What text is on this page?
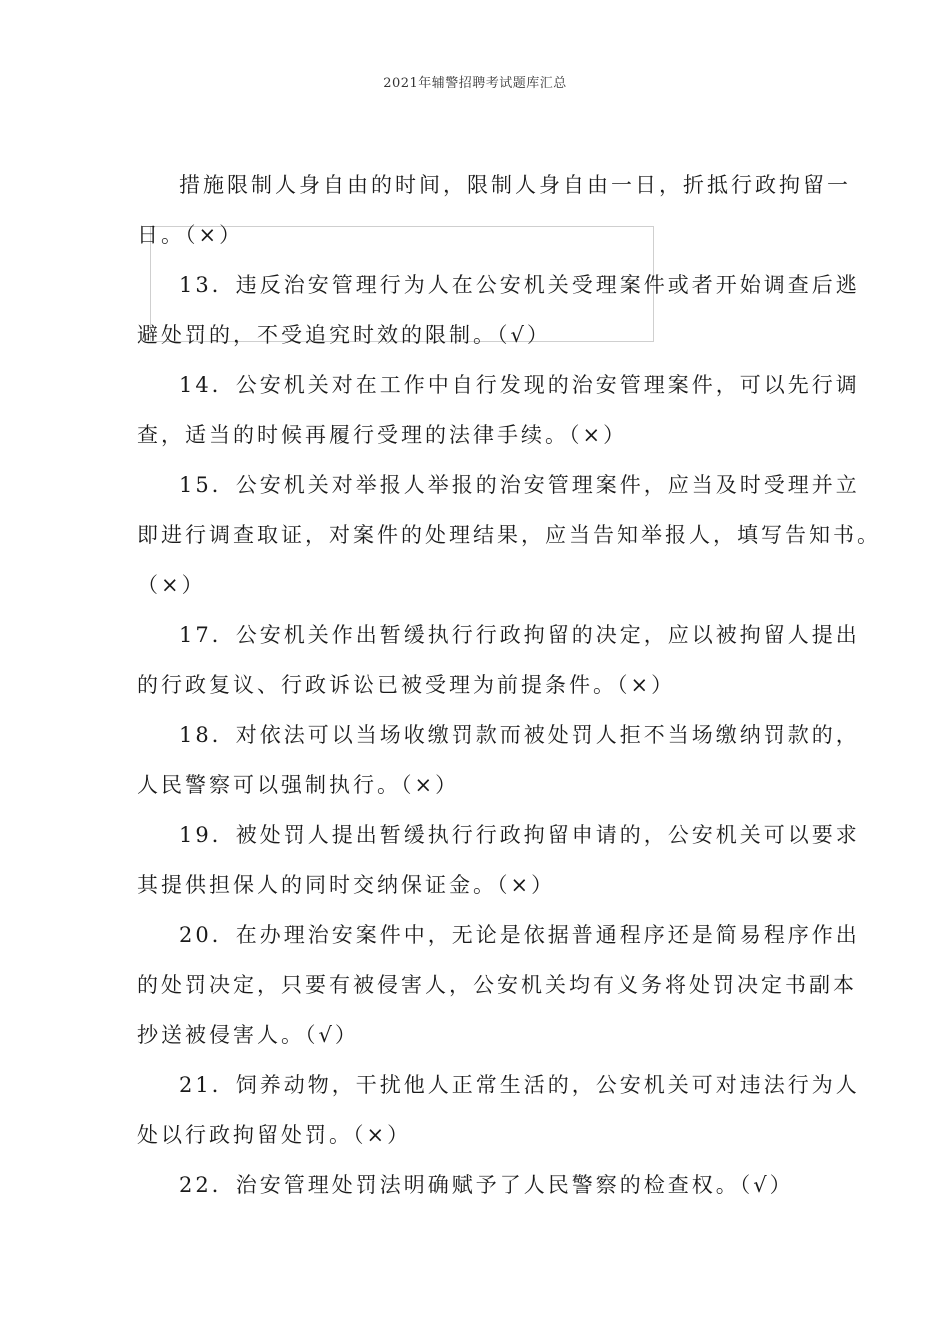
2021年辅警招聘考试题库汇总
措施限制人身自由的时间，限制人身自由一日，折抵行政拘留一
日。（×）
13．违反治安管理行为人在公安机关受理案件或者开始调查后逃
避处罚的，不受追究时效的限制。（√）
14．公安机关对在工作中自行发现的治安管理案件，可以先行调
查，适当的时候再履行受理的法律手续。（×）
15．公安机关对举报人举报的治安管理案件，应当及时受理并立
即进行调查取证，对案件的处理结果，应当告知举报人，填写告知书。
（×）
17．公安机关作出暂缓执行行政拘留的决定，应以被拘留人提出
的行政复议、行政诉讼已被受理为前提条件。（×）
18．对依法可以当场收缴罚款而被处罚人拒不当场缴纳罚款的，
人民警察可以强制执行。（×）
19．被处罚人提出暂缓执行行政拘留申请的，公安机关可以要求
其提供担保人的同时交纳保证金。（×）
20．在办理治安案件中，无论是依据普通程序还是简易程序作出
的处罚决定，只要有被侵害人，公安机关均有义务将处罚决定书副本
抄送被侵害人。（√）
21．饲养动物，干扰他人正常生活的，公安机关可对违法行为人
处以行政拘留处罚。（×）
22．治安管理处罚法明确赋予了人民警察的检查权。（√）
